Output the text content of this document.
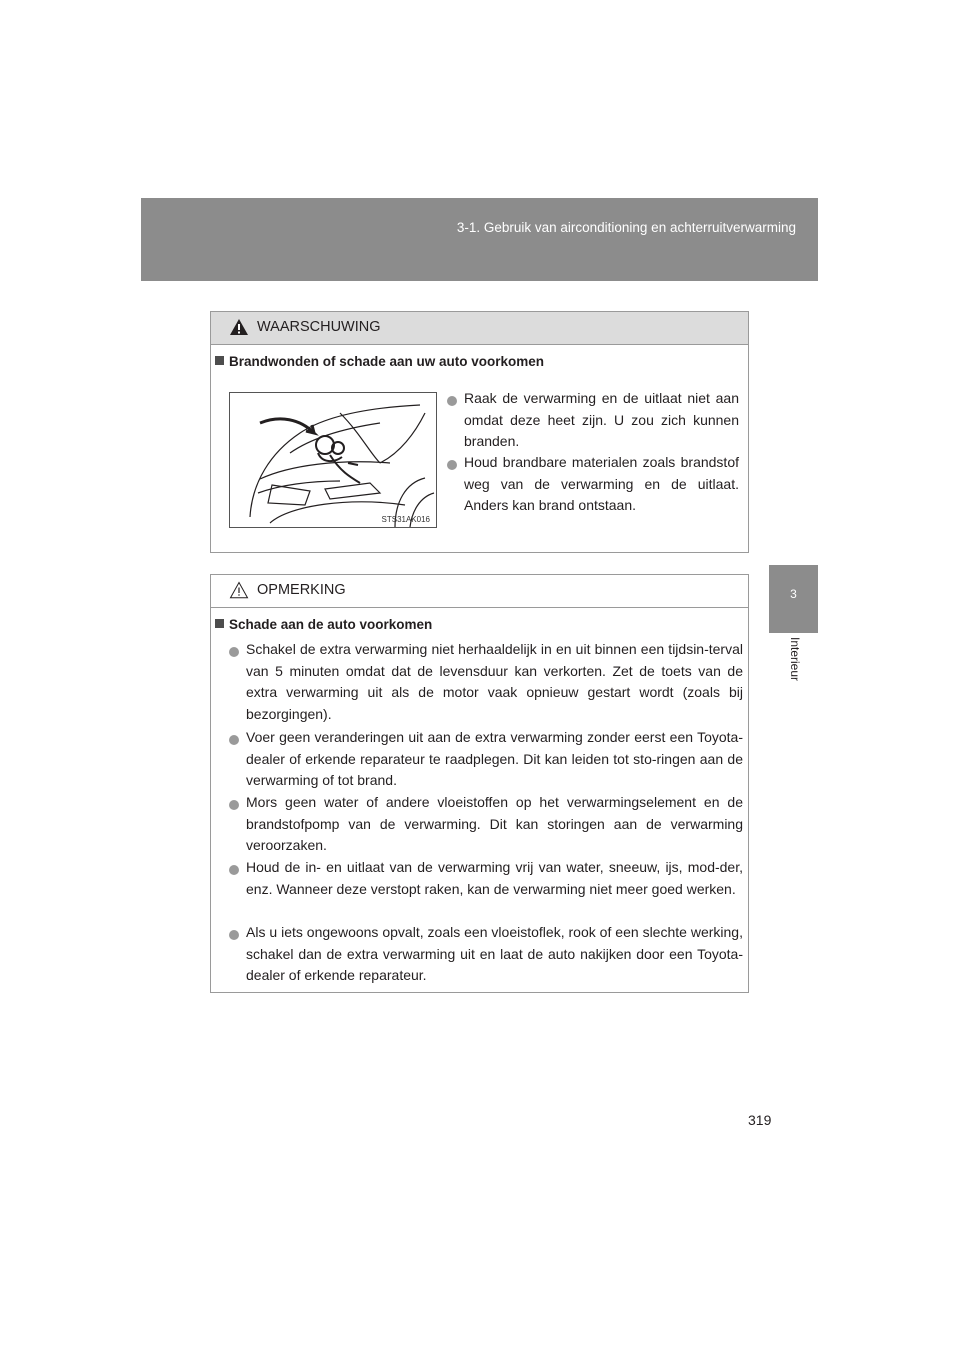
3-1. Gebruik van airconditioning en achterruitverwarming
3
Interieur
WAARSCHUWING
Brandwonden of schade aan uw auto voorkomen
STS31AK016
Raak de verwarming en de uitlaat niet aan omdat deze heet zijn. U zou zich kunnen branden.
Houd brandbare materialen zoals brandstof weg van de verwarming en de uitlaat. Anders kan brand ontstaan.
OPMERKING
Schade aan de auto voorkomen
Schakel de extra verwarming niet herhaaldelijk in en uit binnen een tijdsin-terval van 5 minuten omdat dat de levensduur kan verkorten. Zet de toets van de extra verwarming uit als de motor vaak opnieuw gestart wordt (zoals bij bezorgingen).
Voer geen veranderingen uit aan de extra verwarming zonder eerst een Toyota-dealer of erkende reparateur te raadplegen. Dit kan leiden tot sto-ringen aan de verwarming of tot brand.
Mors geen water of andere vloeistoffen op het verwarmingselement en de brandstofpomp van de verwarming. Dit kan storingen aan de verwarming veroorzaken.
Houd de in- en uitlaat van de verwarming vrij van water, sneeuw, ijs, mod-der, enz. Wanneer deze verstopt raken, kan de verwarming niet meer goed werken.
Als u iets ongewoons opvalt, zoals een vloeistoflek, rook of een slechte werking, schakel dan de extra verwarming uit en laat de auto nakijken door een Toyota-dealer of erkende reparateur.
319
